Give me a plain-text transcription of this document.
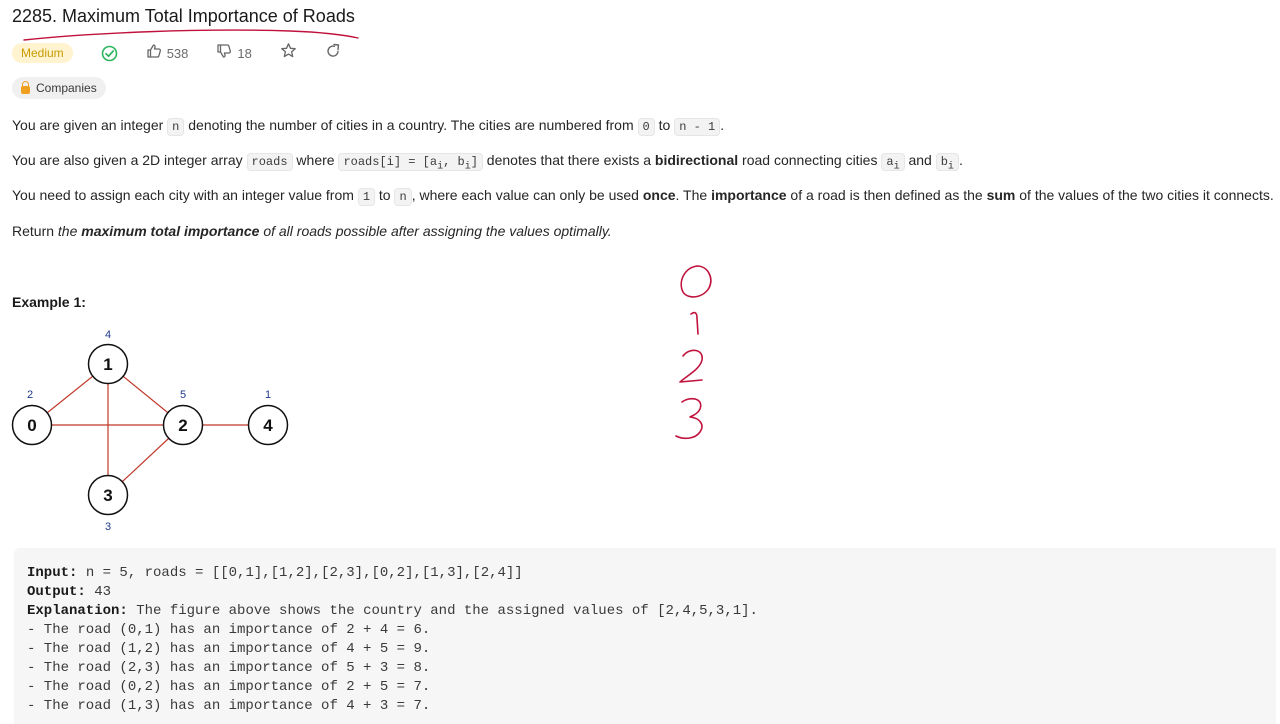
2285. Maximum Total Importance of Roads
Medium	538	18
Companies
You are given an integer n denoting the number of cities in a country. The cities are numbered from 0 to n - 1 .
You are also given a 2D integer array roads where roads[i] = [$a_i$, $b_i$] denotes that there exists a bidirectional road connecting cities $a_i$ and $b_i$ .
You need to assign each city with an integer value from 1 to n , where each value can only be used once. The importance of a road is then defined as the sum of the values of the two cities it connects.
Return the maximum total importance of all roads possible after assigning the values optimally.
Example 1:
0
2
1
4
2
5
3
3
4
1
Input: n = 5, roads = [[0,1],[1,2],[2,3],[0,2],[1,3],[2,4]]
Output: 43
Explanation: The figure above shows the country and the assigned values of [2,4,5,3,1].
- The road (0,1) has an importance of 2 + 4 = 6.
- The road (1,2) has an importance of 4 + 5 = 9.
- The road (2,3) has an importance of 5 + 3 = 8.
- The road (0,2) has an importance of 2 + 5 = 7.
- The road (1,3) has an importance of 4 + 3 = 7.
